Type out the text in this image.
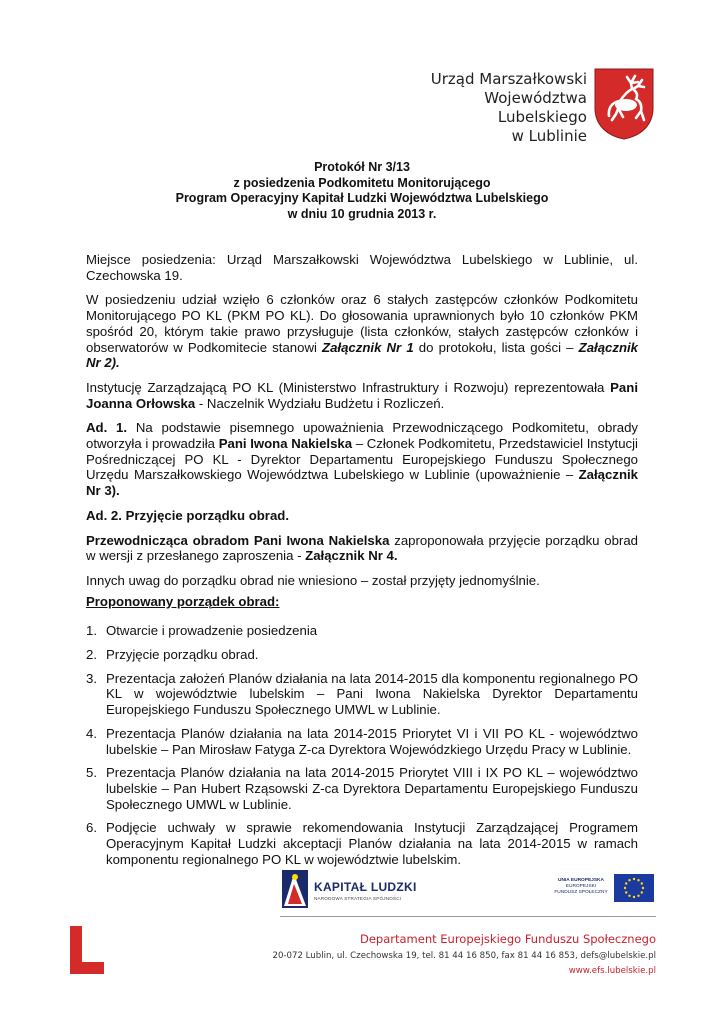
Urząd Marszałkowski
Województwa Lubelskiego
w Lublinie
Protokół Nr 3/13
z posiedzenia Podkomitetu Monitorującego
Program Operacyjny Kapitał Ludzki Województwa Lubelskiego
w dniu 10 grudnia 2013 r.

Miejsce posiedzenia: Urząd Marszałkowski Województwa Lubelskiego w Lublinie, ul. Czechowska 19.

W posiedzeniu udział wzięło 6 członków oraz 6 stałych zastępców członków Podkomitetu Monitorującego PO KL (PKM PO KL). Do głosowania uprawnionych było 10 członków PKM spośród 20, którym takie prawo przysługuje (lista członków, stałych zastępców członków i obserwatorów w Podkomitecie stanowi Załącznik Nr 1 do protokołu, lista gości – Załącznik Nr 2).

Instytucję Zarządzającą PO KL (Ministerstwo Infrastruktury i Rozwoju) reprezentowała Pani Joanna Orłowska - Naczelnik Wydziału Budżetu i Rozliczeń.

Ad. 1. Na podstawie pisemnego upoważnienia Przewodniczącego Podkomitetu, obrady otworzyła i prowadziła Pani Iwona Nakielska – Członek Podkomitetu, Przedstawiciel Instytucji Pośredniczącej PO KL - Dyrektor Departamentu Europejskiego Funduszu Społecznego Urzędu Marszałkowskiego Województwa Lubelskiego w Lublinie (upoważnienie – Załącznik Nr 3).

Ad. 2. Przyjęcie porządku obrad.

Przewodnicząca obradom Pani Iwona Nakielska zaproponowała przyjęcie porządku obrad w wersji z przesłanego zaproszenia - Załącznik Nr 4.

Innych uwag do porządku obrad nie wniesiono – został przyjęty jednomyślnie.

Proponowany porządek obrad:
1. Otwarcie i prowadzenie posiedzenia
2. Przyjęcie porządku obrad.
3. Prezentacja założeń Planów działania na lata 2014-2015 dla komponentu regionalnego PO KL w województwie lubelskim – Pani Iwona Nakielska Dyrektor Departamentu Europejskiego Funduszu Społecznego UMWL w Lublinie.
4. Prezentacja Planów działania na lata 2014-2015 Priorytet VI i VII PO KL - województwo lubelskie – Pan Mirosław Fatyga Z-ca Dyrektora Wojewódzkiego Urzędu Pracy w Lublinie.
5. Prezentacja Planów działania na lata 2014-2015 Priorytet VIII i IX PO KL – województwo lubelskie – Pan Hubert Rząsowski Z-ca Dyrektora Departamentu Europejskiego Funduszu Społecznego UMWL w Lublinie.
6. Podjęcie uchwały w sprawie rekomendowania Instytucji Zarządzającej Programem Operacyjnym Kapitał Ludzki akceptacji Planów działania na lata 2014-2015 w ramach komponentu regionalnego PO KL w województwie lubelskim.
KAPITAŁ LUDZKI
NARODOWA STRATEGIA SPÓJNOŚCI
UNIA EUROPEJSKA
EUROPEJSKI
FUNDUSZ SPOŁECZNY
Departament Europejskiego Funduszu Społecznego
20-072 Lublin, ul. Czechowska 19, tel. 81 44 16 850, fax 81 44 16 853, defs@lubelskie.pl
www.efs.lubelskie.pl
